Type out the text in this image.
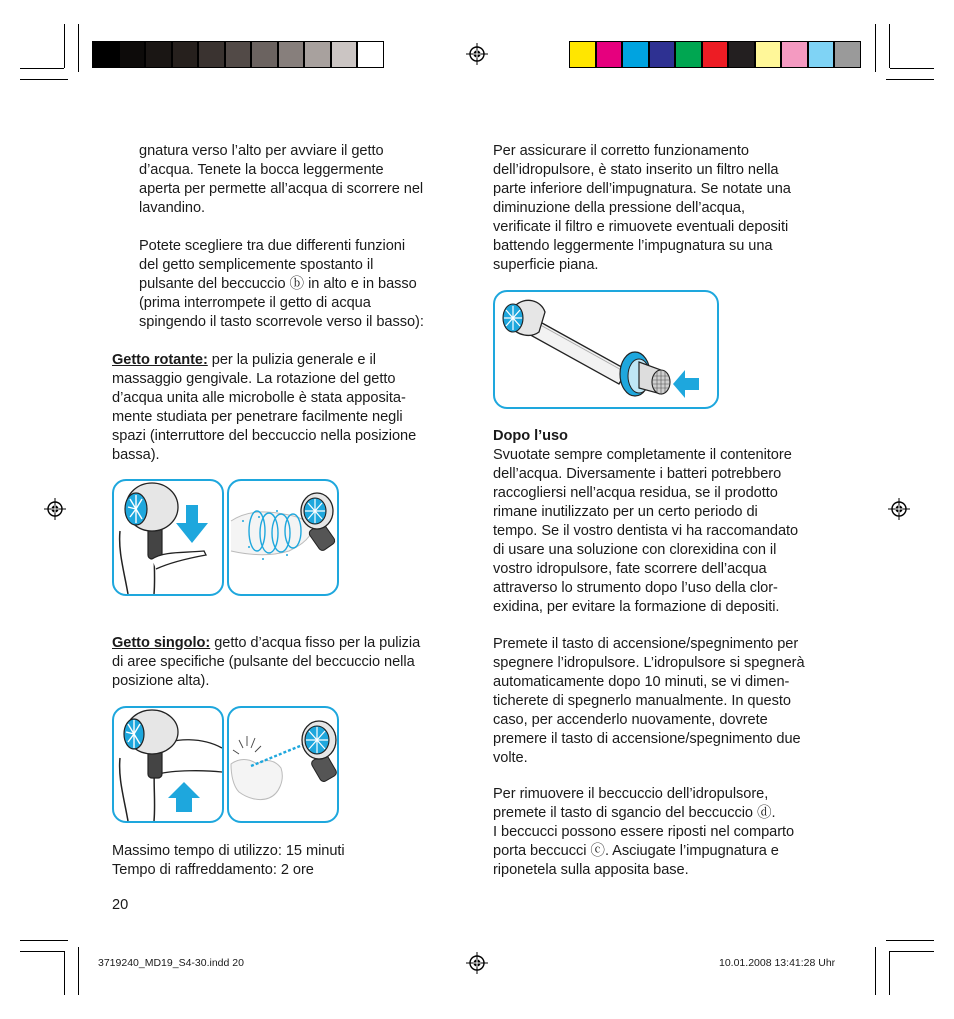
gnatura verso l’alto per avviare il getto
d’acqua. Tenete la bocca leggermente
aperta per permette all’acqua di scorrere nel
lavandino.
Potete scegliere tra due differenti funzioni
del getto semplicemente spostanto il
pulsante del beccuccio ⓑ in alto e in basso
(prima interrompete il getto di acqua
spingendo il tasto scorrevole verso il basso):
Getto rotante: per la pulizia generale e il
massaggio gengivale. La rotazione del getto
d’acqua unita alle microbolle è stata apposita-
mente studiata per penetrare facilmente negli
spazi (interruttore del beccuccio nella posizione
bassa).
Getto singolo: getto d’acqua fisso per la pulizia
di aree specifiche (pulsante del beccuccio nella
posizione alta).
Massimo tempo di utilizzo: 15 minuti
Tempo di raffreddamento: 2 ore
20
Per assicurare il corretto funzionamento
dell’idropulsore, è stato inserito un filtro nella
parte inferiore dell’impugnatura. Se notate una
diminuzione della pressione dell’acqua,
verificate il filtro e rimuovete eventuali depositi
battendo leggermente l’impugnatura su una
superficie piana.
Dopo l’uso
Svuotate sempre completamente il contenitore
dell’acqua. Diversamente i batteri potrebbero
raccogliersi nell’acqua residua, se il prodotto
rimane inutilizzato per un certo periodo di
tempo. Se il vostro dentista vi ha raccomandato
di usare una soluzione con clorexidina con il
vostro idropulsore, fate scorrere dell’acqua
attraverso lo strumento dopo l’uso della clor-
exidina, per evitare la formazione di depositi.
Premete il tasto di accensione/spegnimento per
spegnere l’idropulsore. L’idropulsore si spegnerà
automaticamente dopo 10 minuti, se vi dimen-
ticherete di spegnerlo manualmente. In questo
caso, per accenderlo nuovamente, dovrete
premere il tasto di accensione/spegnimento due
volte.
Per rimuovere il beccuccio dell’idropulsore,
premete il tasto di sgancio del beccuccio ⓓ.
I beccucci possono essere riposti nel comparto
porta beccucci ⓒ. Asciugate l’impugnatura e
riponetela sulla apposita base.
3719240_MD19_S4-30.indd 20	10.01.2008 13:41:28 Uhr
